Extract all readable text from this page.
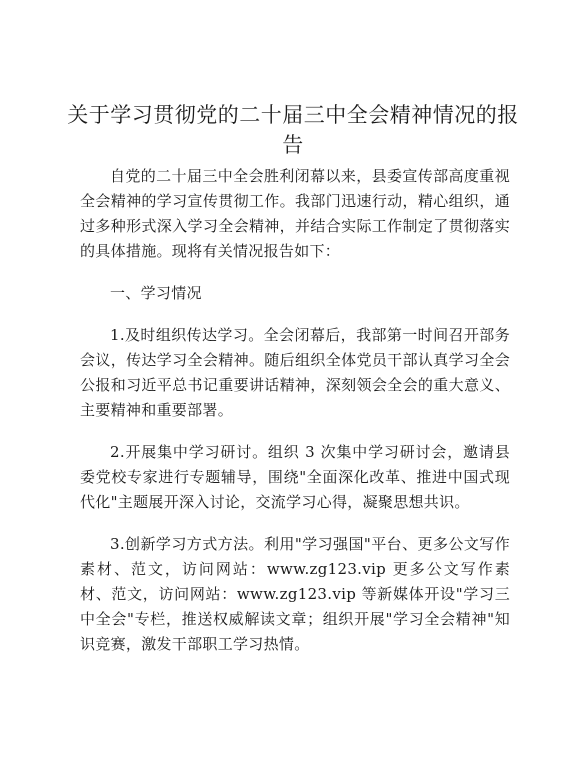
关于学习贯彻党的二十届三中全会精神情况的报告

自党的二十届三中全会胜利闭幕以来，县委宣传部高度重视全会精神的学习宣传贯彻工作。我部门迅速行动，精心组织，通过多种形式深入学习全会精神，并结合实际工作制定了贯彻落实的具体措施。现将有关情况报告如下：

一、学习情况

1.及时组织传达学习。全会闭幕后，我部第一时间召开部务会议，传达学习全会精神。随后组织全体党员干部认真学习全会公报和习近平总书记重要讲话精神，深刻领会全会的重大意义、主要精神和重要部署。

2.开展集中学习研讨。组织 3 次集中学习研讨会，邀请县委党校专家进行专题辅导，围绕"全面深化改革、推进中国式现代化"主题展开深入讨论，交流学习心得，凝聚思想共识。

3.创新学习方式方法。利用"学习强国"平台、更多公文写作素材、范文，访问网站：www.zg123.vip 更多公文写作素材、范文，访问网站：www.zg123.vip 等新媒体开设"学习三中全会"专栏，推送权威解读文章；组织开展"学习全会精神"知识竞赛，激发干部职工学习热情。
